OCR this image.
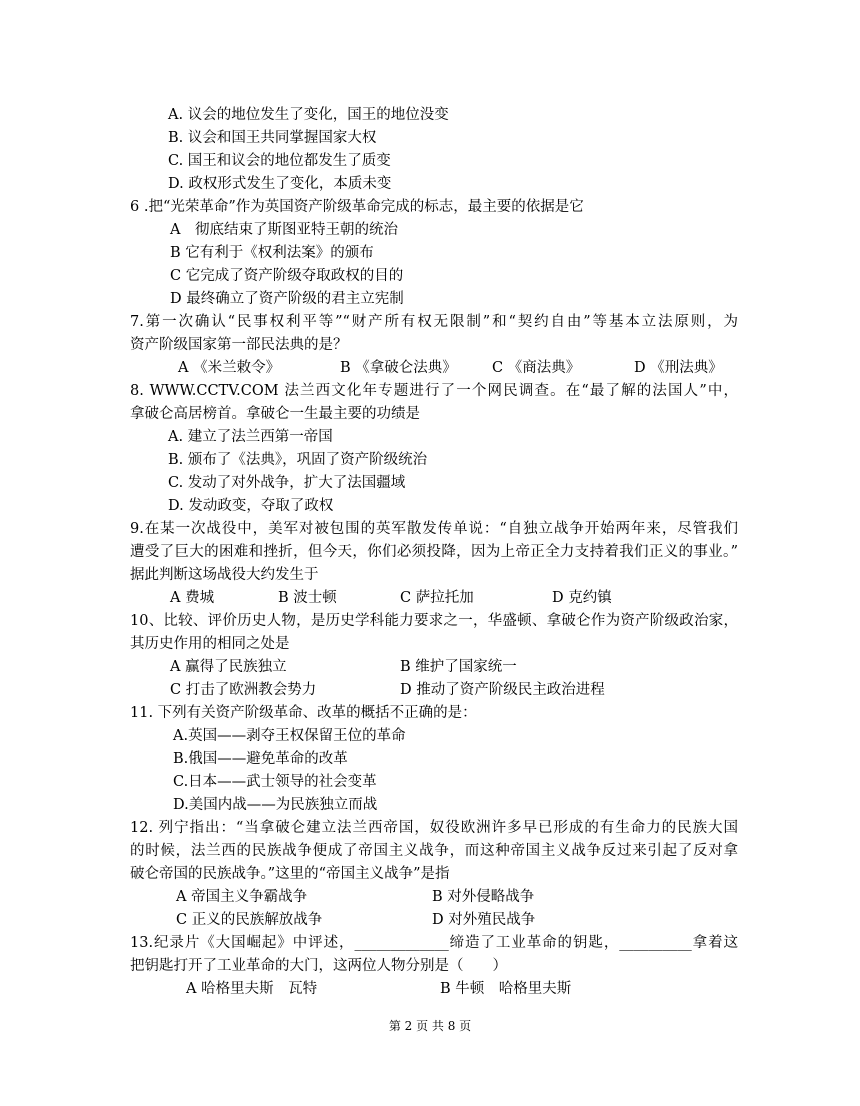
A. 议会的地位发生了变化，国王的地位没变
B. 议会和国王共同掌握国家大权
C. 国王和议会的地位都发生了质变
D. 政权形式发生了变化，本质未变
6 .把“光荣革命”作为英国资产阶级革命完成的标志，最主要的依据是它
A　彻底结束了斯图亚特王朝的统治
B 它有利于《权利法案》的颁布
C 它完成了资产阶级夺取政权的目的
D 最终确立了资产阶级的君主立宪制
7.第一次确认“民事权利平等”“财产所有权无限制”和“契约自由”等基本立法原则，为
资产阶级国家第一部民法典的是？
A 《米兰敕令》	B 《拿破仑法典》 C 《商法典》	D 《刑法典》
8. WWW.CCTV.COM 法兰西文化年专题进行了一个网民调查。在“最了解的法国人”中，
拿破仑高居榜首。拿破仑一生最主要的功绩是
A. 建立了法兰西第一帝国
B. 颁布了《法典》，巩固了资产阶级统治
C. 发动了对外战争，扩大了法国疆域
D. 发动政变，夺取了政权
9.在某一次战役中，美军对被包围的英军散发传单说：“自独立战争开始两年来，尽管我们
遭受了巨大的困难和挫折，但今天，你们必须投降，因为上帝正全力支持着我们正义的事业。”
据此判断这场战役大约发生于
A 费城	B 波士顿	C 萨拉托加	D 克约镇
10、比较、评价历史人物，是历史学科能力要求之一，华盛顿、拿破仑作为资产阶级政治家，
其历史作用的相同之处是
A 赢得了民族独立	B 维护了国家统一
C 打击了欧洲教会势力	D 推动了资产阶级民主政治进程
11. 下列有关资产阶级革命、改革的概括不正确的是：
A.英国——剥夺王权保留王位的革命
B.俄国——避免革命的改革
C.日本——武士领导的社会变革
D.美国内战——为民族独立而战
12. 列宁指出：“当拿破仑建立法兰西帝国，奴役欧洲许多早已形成的有生命力的民族大国
的时候，法兰西的民族战争便成了帝国主义战争，而这种帝国主义战争反过来引起了反对拿
破仑帝国的民族战争。”这里的“帝国主义战争”是指
A 帝国主义争霸战争	B 对外侵略战争
C 正义的民族解放战争	D 对外殖民战争
13.纪录片《大国崛起》中评述，_____________缔造了工业革命的钥匙，__________拿着这
把钥匙打开了工业革命的大门，这两位人物分别是（　　）
A 哈格里夫斯　瓦特	B 牛顿　哈格里夫斯
第 2 页 共 8 页
